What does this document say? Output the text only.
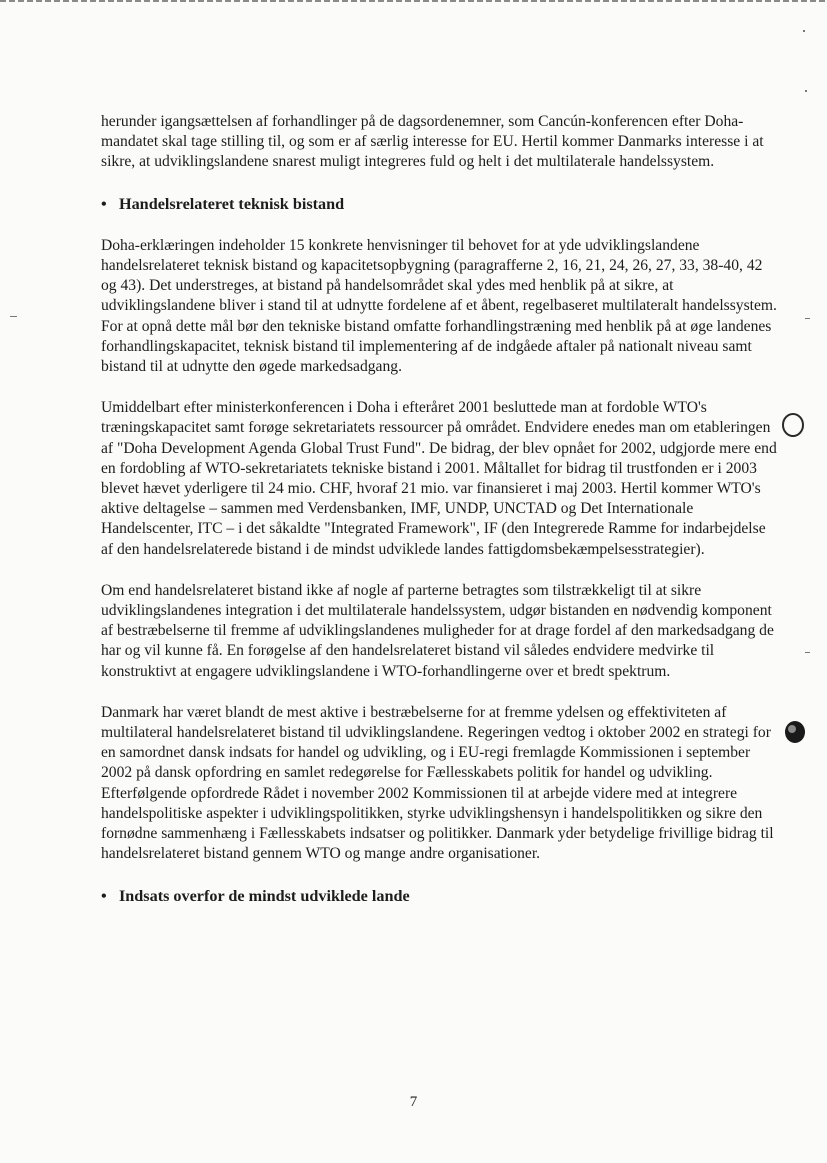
herunder igangsættelsen af forhandlinger på de dagsordenemner, som Cancún-konferencen efter Doha-mandatet skal tage stilling til, og som er af særlig interesse for EU. Hertil kommer Danmarks interesse i at sikre, at udviklingslandene snarest muligt integreres fuld og helt i det multilaterale handelssystem.

• Handelsrelateret teknisk bistand

Doha-erklæringen indeholder 15 konkrete henvisninger til behovet for at yde udviklingslandene handelsrelateret teknisk bistand og kapacitetsopbygning (paragrafferne 2, 16, 21, 24, 26, 27, 33, 38-40, 42 og 43). Det understreges, at bistand på handelsområdet skal ydes med henblik på at sikre, at udviklingslandene bliver i stand til at udnytte fordelene af et åbent, regelbaseret multilateralt handelssystem. For at opnå dette mål bør den tekniske bistand omfatte forhandlingstræning med henblik på at øge landenes forhandlingskapacitet, teknisk bistand til implementering af de indgåede aftaler på nationalt niveau samt bistand til at udnytte den øgede markedsadgang.

Umiddelbart efter ministerkonferencen i Doha i efteråret 2001 besluttede man at fordoble WTO's træningskapacitet samt forøge sekretariatets ressourcer på området. Endvidere enedes man om etableringen af "Doha Development Agenda Global Trust Fund". De bidrag, der blev opnået for 2002, udgjorde mere end en fordobling af WTO-sekretariatets tekniske bistand i 2001. Måltallet for bidrag til trustfonden er i 2003 blevet hævet yderligere til 24 mio. CHF, hvoraf 21 mio. var finansieret i maj 2003. Hertil kommer WTO's aktive deltagelse – sammen med Verdensbanken, IMF, UNDP, UNCTAD og Det Internationale Handelscenter, ITC – i det såkaldte "Integrated Framework", IF (den Integrerede Ramme for indarbejdelse af den handelsrelaterede bistand i de mindst udviklede landes fattigdomsbekæmpelsesstrategier).

Om end handelsrelateret bistand ikke af nogle af parterne betragtes som tilstrækkeligt til at sikre udviklingslandenes integration i det multilaterale handelssystem, udgør bistanden en nødvendig komponent af bestræbelserne til fremme af udviklingslandenes muligheder for at drage fordel af den markedsadgang de har og vil kunne få. En forøgelse af den handelsrelateret bistand vil således endvidere medvirke til konstruktivt at engagere udviklingslandene i WTO-forhandlingerne over et bredt spektrum.

Danmark har været blandt de mest aktive i bestræbelserne for at fremme ydelsen og effektiviteten af multilateral handelsrelateret bistand til udviklingslandene. Regeringen vedtog i oktober 2002 en strategi for en samordnet dansk indsats for handel og udvikling, og i EU-regi fremlagde Kommissionen i september 2002 på dansk opfordring en samlet redegørelse for Fællesskabets politik for handel og udvikling. Efterfølgende opfordrede Rådet i november 2002 Kommissionen til at arbejde videre med at integrere handelspolitiske aspekter i udviklingspolitikken, styrke udviklingshensyn i handelspolitikken og sikre den fornødne sammenhæng i Fællesskabets indsatser og politikker. Danmark yder betydelige frivillige bidrag til handelsrelateret bistand gennem WTO og mange andre organisationer.

• Indsats overfor de mindst udviklede lande
7
